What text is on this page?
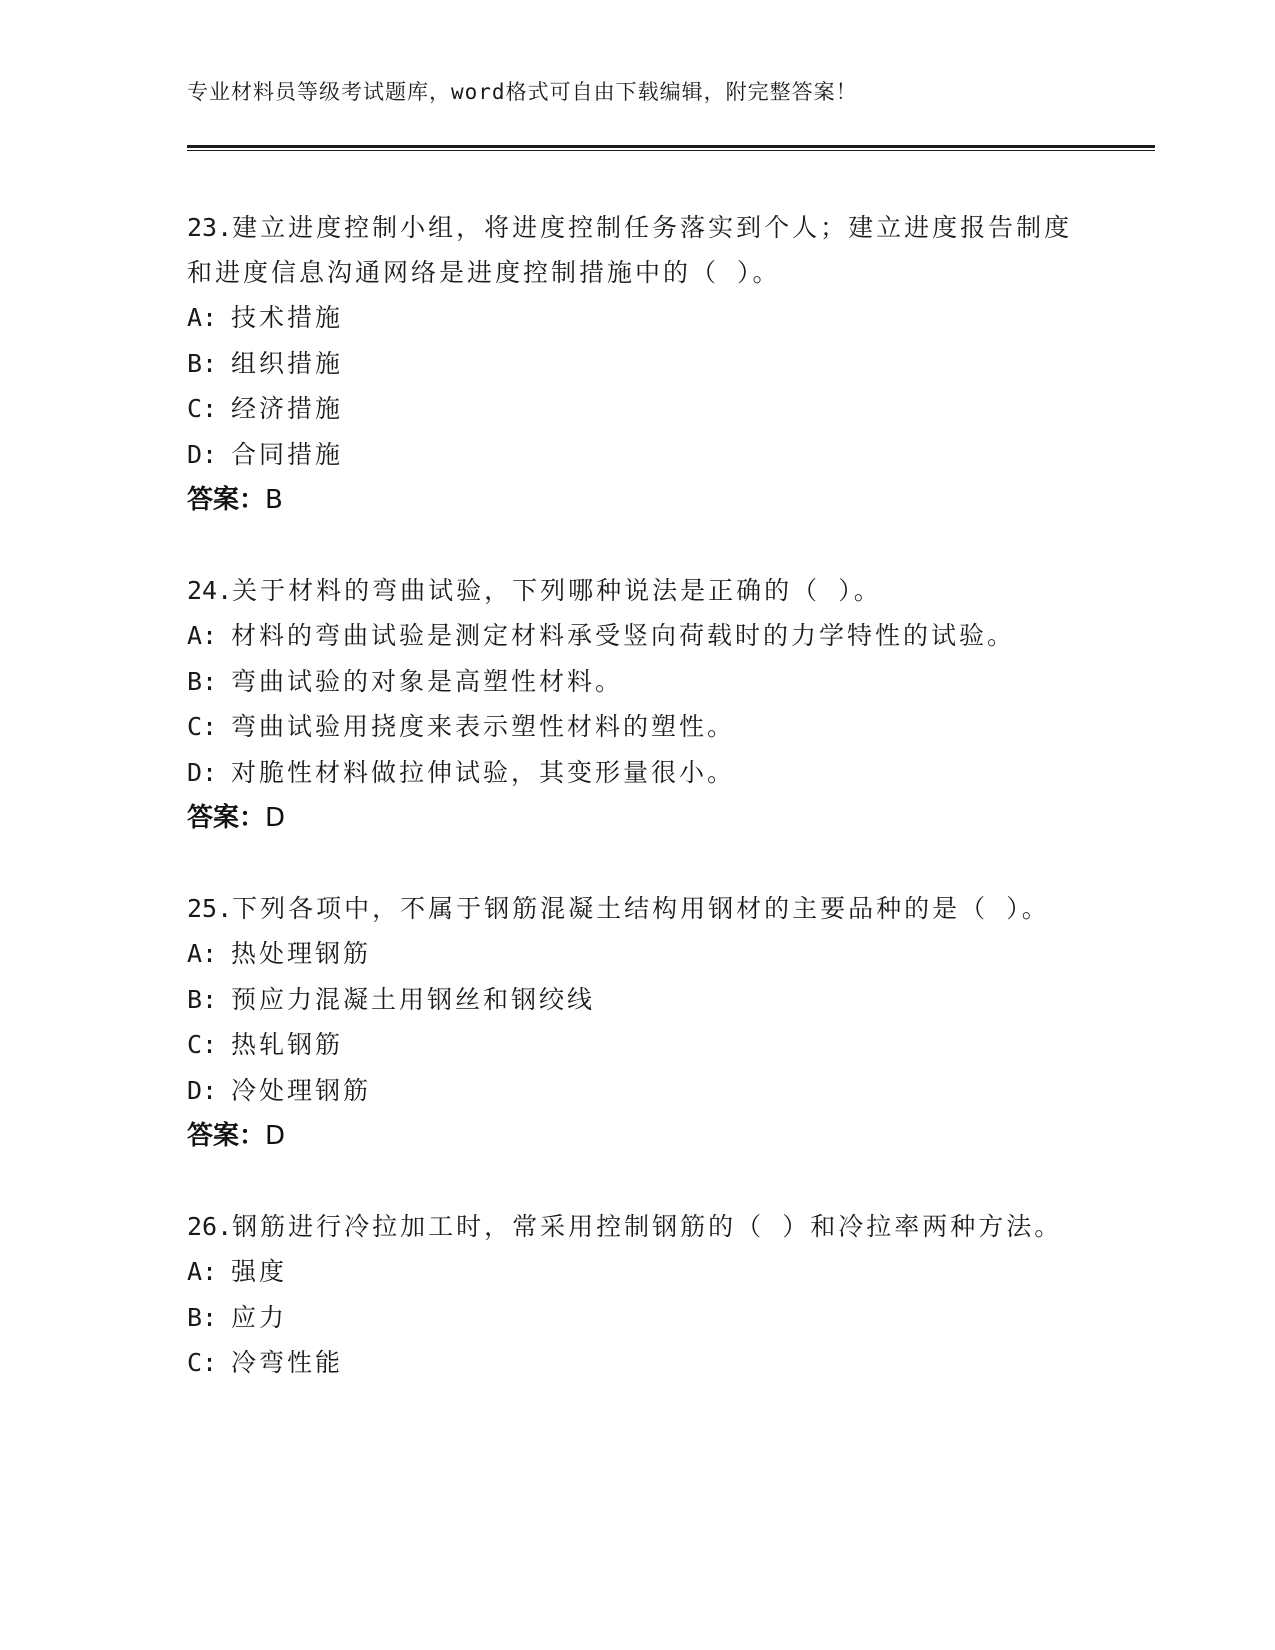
专业材料员等级考试题库，word格式可自由下载编辑，附完整答案！

23.建立进度控制小组，将进度控制任务落实到个人；建立进度报告制度和进度信息沟通网络是进度控制措施中的（ ）。

A: 技术措施

B: 组织措施

C: 经济措施

D: 合同措施

答案：B

24.关于材料的弯曲试验，下列哪种说法是正确的（ ）。

A: 材料的弯曲试验是测定材料承受竖向荷载时的力学特性的试验。

B: 弯曲试验的对象是高塑性材料。

C: 弯曲试验用挠度来表示塑性材料的塑性。

D: 对脆性材料做拉伸试验，其变形量很小。

答案：D

25.下列各项中，不属于钢筋混凝土结构用钢材的主要品种的是（ ）。

A: 热处理钢筋

B: 预应力混凝土用钢丝和钢绞线

C: 热轧钢筋

D: 冷处理钢筋

答案：D

26.钢筋进行冷拉加工时，常采用控制钢筋的（ ）和冷拉率两种方法。

A: 强度

B: 应力

C: 冷弯性能
